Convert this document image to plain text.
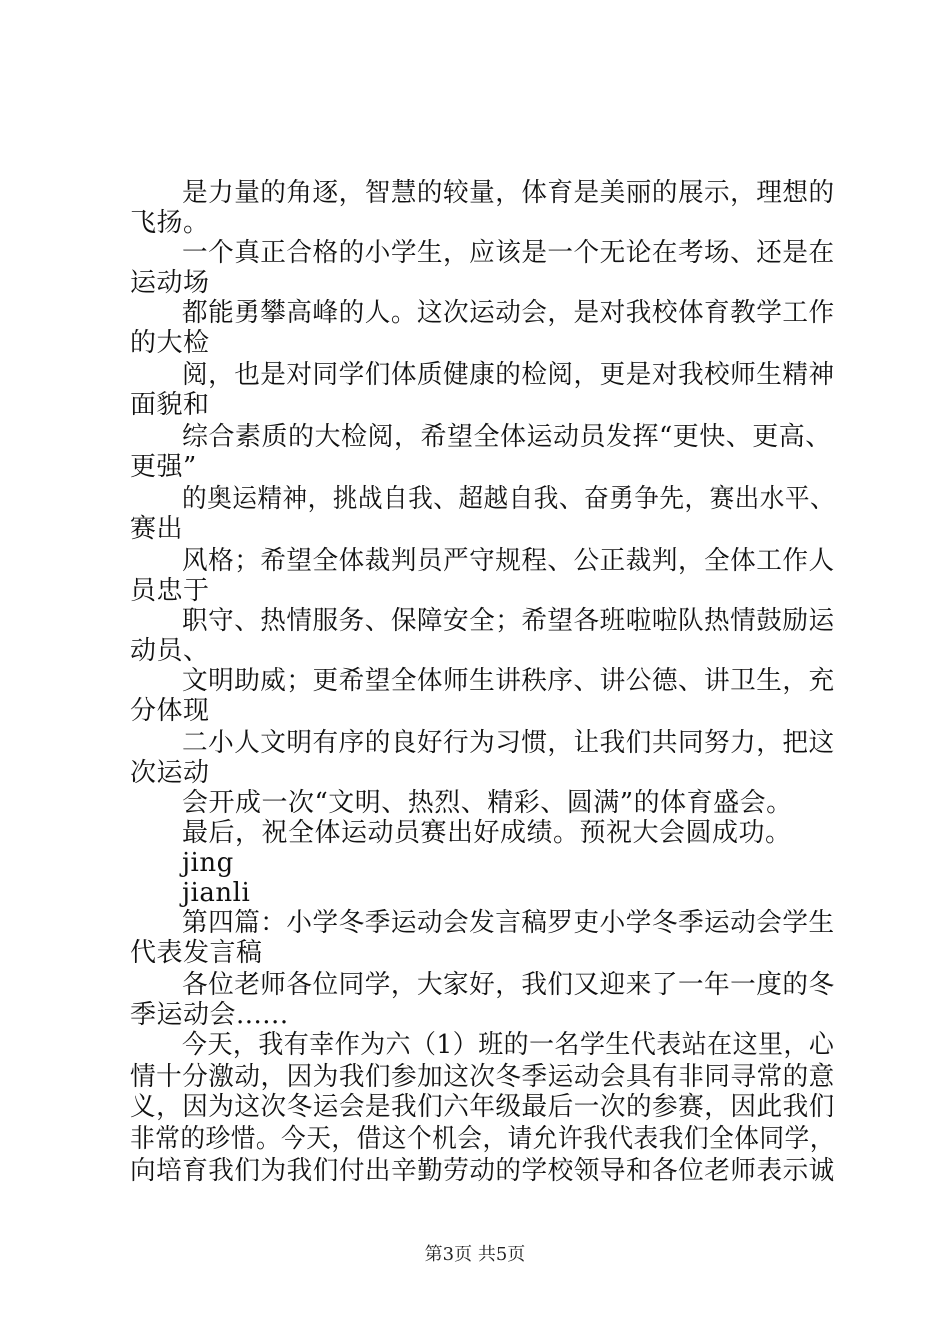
是力量的角逐，智慧的较量，体育是美丽的展示，理想的
飞扬。
一个真正合格的小学生，应该是一个无论在考场、还是在
运动场
都能勇攀高峰的人。这次运动会，是对我校体育教学工作
的大检
阅，也是对同学们体质健康的检阅，更是对我校师生精神
面貌和
综合素质的大检阅，希望全体运动员发挥“更快、更高、
更强”
的奥运精神，挑战自我、超越自我、奋勇争先，赛出水平、
赛出
风格；希望全体裁判员严守规程、公正裁判，全体工作人
员忠于
职守、热情服务、保障安全；希望各班啦啦队热情鼓励运
动员、
文明助威；更希望全体师生讲秩序、讲公德、讲卫生，充
分体现
二小人文明有序的良好行为习惯，让我们共同努力，把这
次运动
会开成一次“文明、热烈、精彩、圆满”的体育盛会。
最后，祝全体运动员赛出好成绩。预祝大会圆成功。
jing
jianli
第四篇：小学冬季运动会发言稿罗吏小学冬季运动会学生
代表发言稿
各位老师各位同学，大家好，我们又迎来了一年一度的冬
季运动会......
今天，我有幸作为六（1）班的一名学生代表站在这里，心
情十分激动，因为我们参加这次冬季运动会具有非同寻常的意
义，因为这次冬运会是我们六年级最后一次的参赛，因此我们
非常的珍惜。今天，借这个机会，请允许我代表我们全体同学，
向培育我们为我们付出辛勤劳动的学校领导和各位老师表示诚
第3页 共5页
